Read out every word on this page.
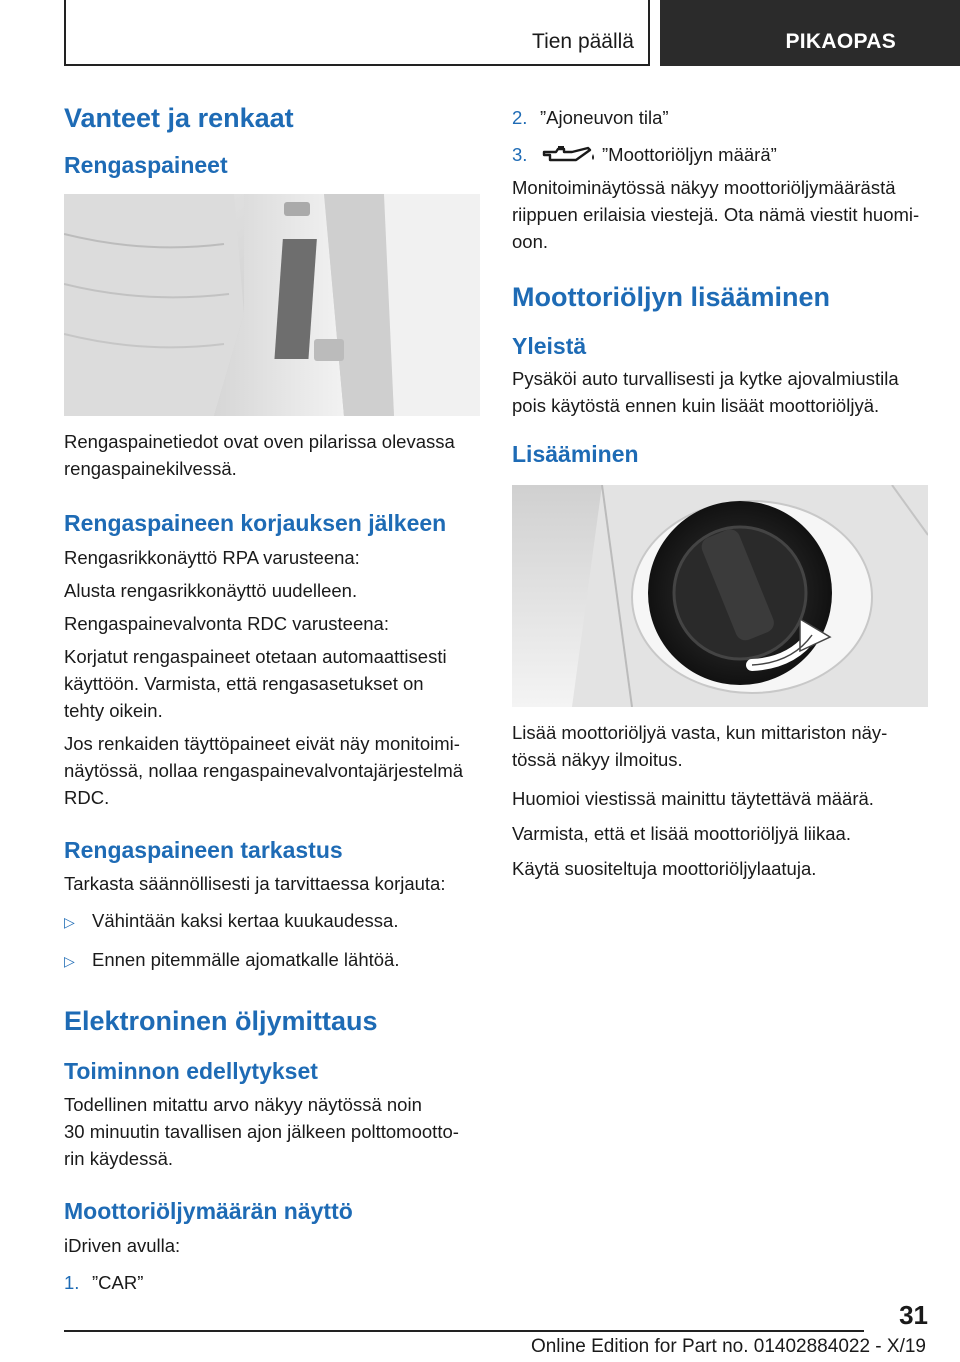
Tien päällä	PIKAOPAS
Vanteet ja renkaat
Rengaspaineet

Rengaspainetiedot ovat oven pilarissa olevassa
rengaspainekilvessä.

Rengaspaineen korjauksen jälkeen

Rengasrikkonäyttö RPA varusteena:

Alusta rengasrikkonäyttö uudelleen.

Rengaspainevalvonta RDC varusteena:

Korjatut rengaspaineet otetaan automaattisesti
käyttöön. Varmista, että rengasasetukset on
tehty oikein.

Jos renkaiden täyttöpaineet eivät näy monitoimi-
näytössä, nollaa rengaspainevalvontajärjestelmä
RDC.

Rengaspaineen tarkastus

Tarkasta säännöllisesti ja tarvittaessa korjauta:

▷ Vähintään kaksi kertaa kuukaudessa.
▷ Ennen pitemmälle ajomatkalle lähtöä.
Elektroninen öljymittaus
Toiminnon edellytykset

Todellinen mitattu arvo näkyy näytössä noin
30 minuutin tavallisen ajon jälkeen polttomootto-
rin käydessä.

Moottoriöljymäärän näyttö

iDriven avulla:

1. ”CAR”
2. ”Ajoneuvon tila”
3.	”Moottoriöljyn määrä”

Monitoiminäytössä näkyy moottoriöljymäärästä
riippuen erilaisia viestejä. Ota nämä viestit huomi-
oon.

Moottoriöljyn lisääminen
Yleistä

Pysäköi auto turvallisesti ja kytke ajovalmiustila
pois käytöstä ennen kuin lisäät moottoriöljyä.

Lisääminen

Lisää moottoriöljyä vasta, kun mittariston näy-
tössä näkyy ilmoitus.

Huomioi viestissä mainittu täytettävä määrä.

Varmista, että et lisää moottoriöljyä liikaa.

Käytä suositeltuja moottoriöljylaatuja.

31
Online Edition for Part no. 01402884022 - X/19
